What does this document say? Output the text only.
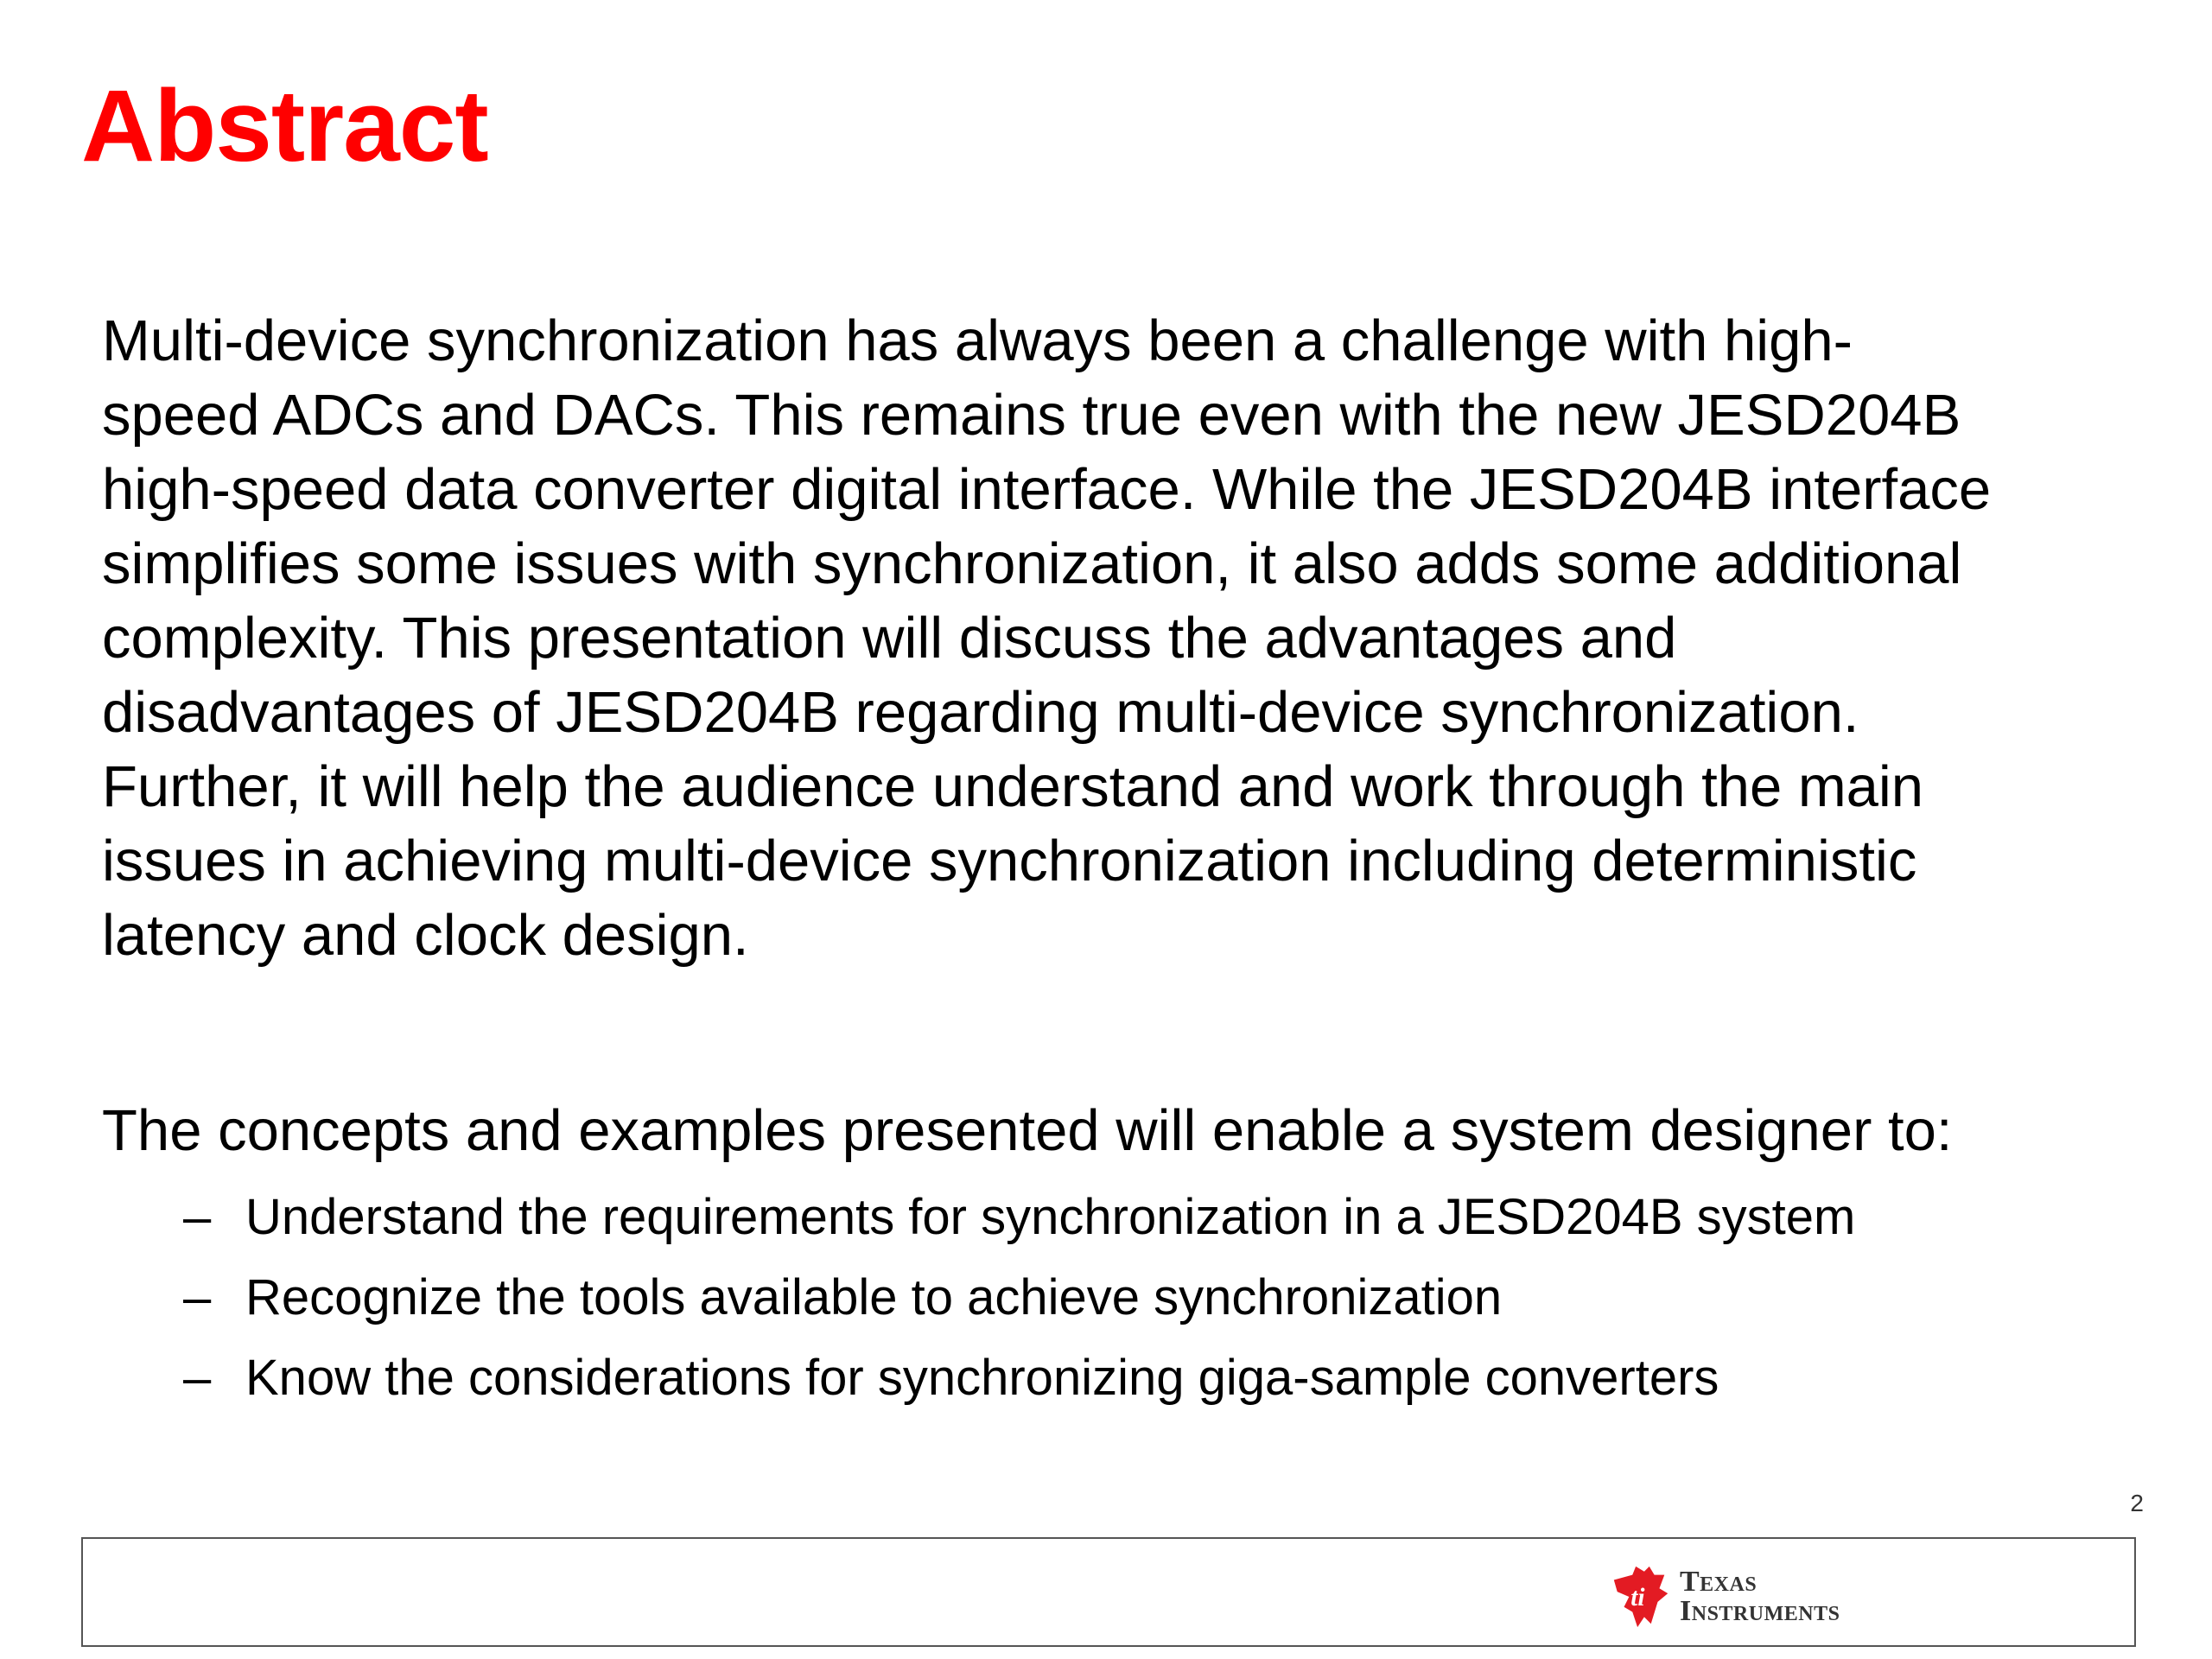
Abstract
Multi-device synchronization has always been a challenge with high-
speed ADCs and DACs. This remains true even with the new JESD204B
high-speed data converter digital interface. While the JESD204B interface
simplifies some issues with synchronization, it also adds some additional
complexity. This presentation will discuss the advantages and
disadvantages of JESD204B regarding multi-device synchronization.
Further, it will help the audience understand and work through the main
issues in achieving multi-device synchronization including deterministic
latency and clock design.

The concepts and examples presented will enable a system designer to:

– Understand the requirements for synchronization in a JESD204B system
– Recognize the tools available to achieve synchronization
– Know the considerations for synchronizing giga-sample converters
2
ti Texas
Instruments
